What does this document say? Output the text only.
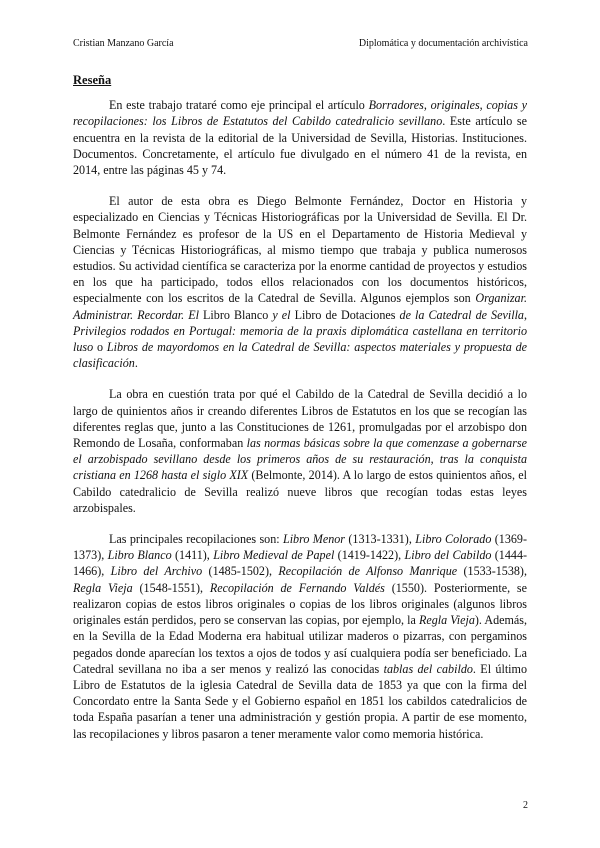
Cristian Manzano García	Diplomática y documentación archivística
Reseña

En este trabajo trataré como eje principal el artículo Borradores, originales, copias y recopilaciones: los Libros de Estatutos del Cabildo catedralicio sevillano. Este artículo se encuentra en la revista de la editorial de la Universidad de Sevilla, Historias. Instituciones. Documentos. Concretamente, el artículo fue divulgado en el número 41 de la revista, en 2014, entre las páginas 45 y 74.

El autor de esta obra es Diego Belmonte Fernández, Doctor en Historia y especializado en Ciencias y Técnicas Historiográficas por la Universidad de Sevilla. El Dr. Belmonte Fernández es profesor de la US en el Departamento de Historia Medieval y Ciencias y Técnicas Historiográficas, al mismo tiempo que trabaja y publica numerosos estudios. Su actividad científica se caracteriza por la enorme cantidad de proyectos y estudios en los que ha participado, todos ellos relacionados con los documentos históricos, especialmente con los escritos de la Catedral de Sevilla. Algunos ejemplos son Organizar. Administrar. Recordar. El Libro Blanco y el Libro de Dotaciones de la Catedral de Sevilla, Privilegios rodados en Portugal: memoria de la praxis diplomática castellana en territorio luso o Libros de mayordomos en la Catedral de Sevilla: aspectos materiales y propuesta de clasificación.

La obra en cuestión trata por qué el Cabildo de la Catedral de Sevilla decidió a lo largo de quinientos años ir creando diferentes Libros de Estatutos en los que se recogían las diferentes reglas que, junto a las Constituciones de 1261, promulgadas por el arzobispo don Remondo de Losaña, conformaban las normas básicas sobre la que comenzase a gobernarse el arzobispado sevillano desde los primeros años de su restauración, tras la conquista cristiana en 1268 hasta el siglo XIX (Belmonte, 2014). A lo largo de estos quinientos años, el Cabildo catedralicio de Sevilla realizó nueve libros que recogían todas estas leyes arzobispales.

Las principales recopilaciones son: Libro Menor (1313-1331), Libro Colorado (1369-1373), Libro Blanco (1411), Libro Medieval de Papel (1419-1422), Libro del Cabildo (1444-1466), Libro del Archivo (1485-1502), Recopilación de Alfonso Manrique (1533-1538), Regla Vieja (1548-1551), Recopilación de Fernando Valdés (1550). Posteriormente, se realizaron copias de estos libros originales o copias de los libros originales (algunos libros originales están perdidos, pero se conservan las copias, por ejemplo, la Regla Vieja). Además, en la Sevilla de la Edad Moderna era habitual utilizar maderos o pizarras, con pergaminos pegados donde aparecían los textos a ojos de todos y así cualquiera podía ser beneficiado. La Catedral sevillana no iba a ser menos y realizó las conocidas tablas del cabildo. El último Libro de Estatutos de la iglesia Catedral de Sevilla data de 1853 ya que con la firma del Concordato entre la Santa Sede y el Gobierno español en 1851 los cabildos catedralicios de toda España pasarían a tener una administración y gestión propia. A partir de ese momento, las recopilaciones y libros pasaron a tener meramente valor como memoria histórica.

2
